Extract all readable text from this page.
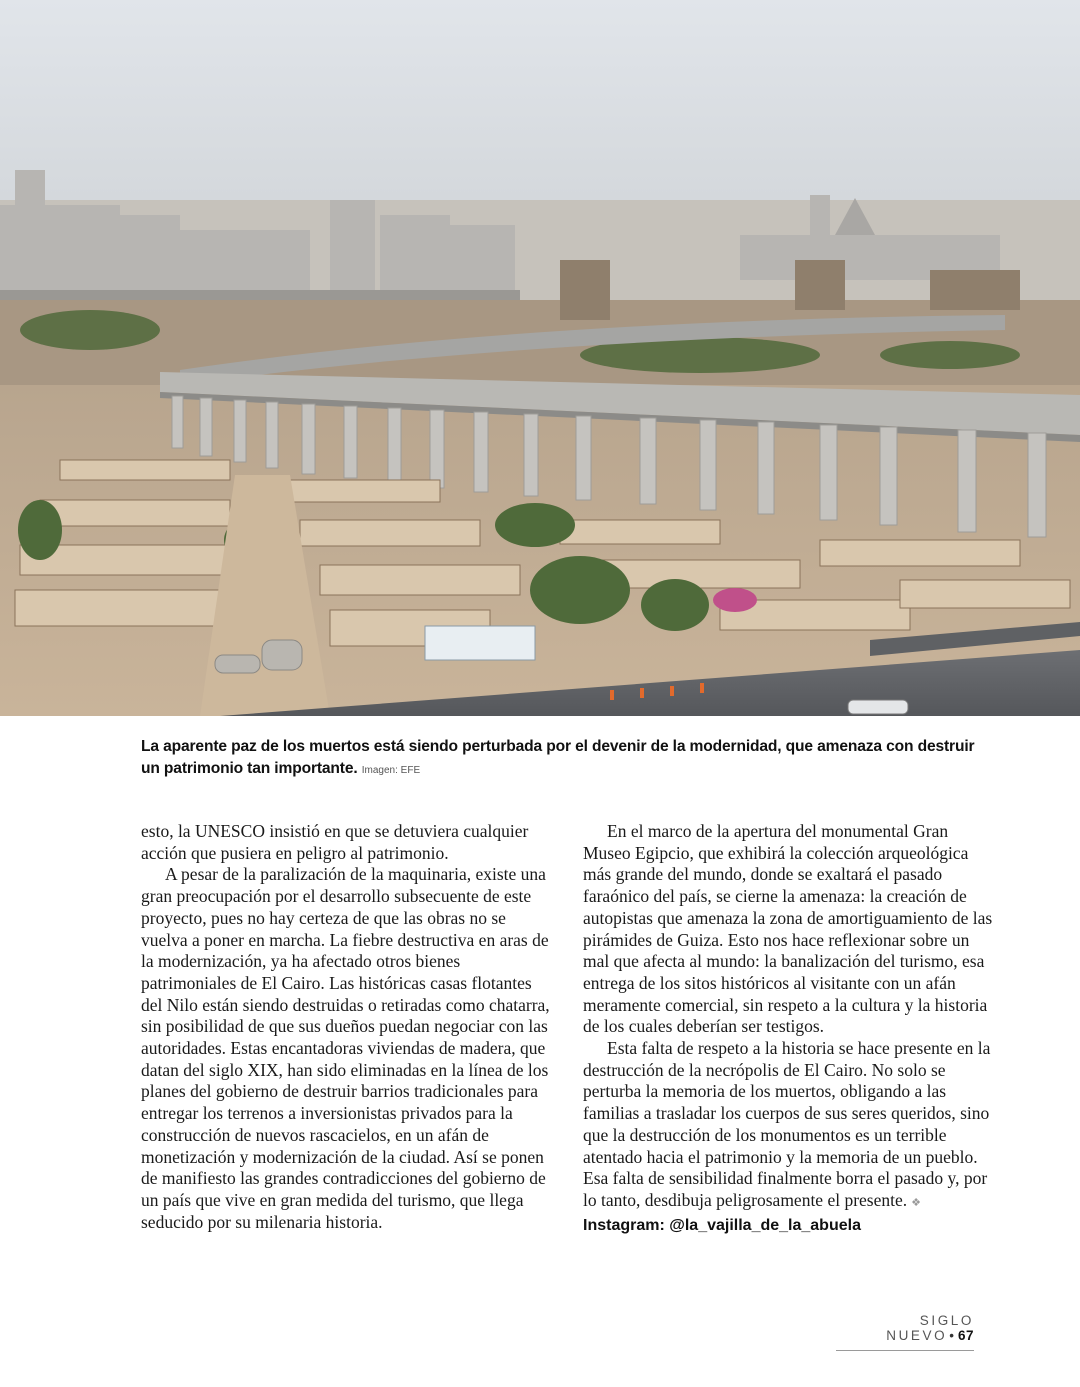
La aparente paz de los muertos está siendo perturbada por el devenir de la modernidad, que amenaza con destruir un patrimonio tan importante. Imagen: EFE

esto, la UNESCO insistió en que se detuviera cualquier acción que pusiera en peligro al patrimonio.

A pesar de la paralización de la maquinaria, existe una gran preocupación por el desarrollo subsecuente de este proyecto, pues no hay certeza de que las obras no se vuelva a poner en marcha. La fiebre destructiva en aras de la modernización, ya ha afectado otros bienes patrimoniales de El Cairo. Las históricas casas flotantes del Nilo están siendo destruidas o retiradas como chatarra, sin posibilidad de que sus dueños puedan negociar con las autoridades. Estas encantadoras viviendas de madera, que datan del siglo XIX, han sido eliminadas en la línea de los planes del gobierno de destruir barrios tradicionales para entregar los terrenos a inversionistas privados para la construcción de nuevos rascacielos, en un afán de monetización y modernización de la ciudad. Así se ponen de manifiesto las grandes contradicciones del gobierno de un país que vive en gran medida del turismo, que llega seducido por su milenaria historia.

En el marco de la apertura del monumental Gran Museo Egipcio, que exhibirá la colección arqueológica más grande del mundo, donde se exaltará el pasado faraónico del país, se cierne la amenaza: la creación de autopistas que amenaza la zona de amortiguamiento de las pirámides de Guiza. Esto nos hace reflexionar sobre un mal que afecta al mundo: la banalización del turismo, esa entrega de los sitos históricos al visitante con un afán meramente comercial, sin respeto a la cultura y la historia de los cuales deberían ser testigos.

Esta falta de respeto a la historia se hace presente en la destrucción de la necrópolis de El Cairo. No solo se perturba la memoria de los muertos, obligando a las familias a trasladar los cuerpos de sus seres queridos, sino que la destrucción de los monumentos es un terrible atentado hacia el patrimonio y la memoria de un pueblo. Esa falta de sensibilidad finalmente borra el pasado y, por lo tanto, desdibuja peligrosamente el presente. ❖

Instagram: @la_vajilla_de_la_abuela
SIGLO NUEVO • 67
